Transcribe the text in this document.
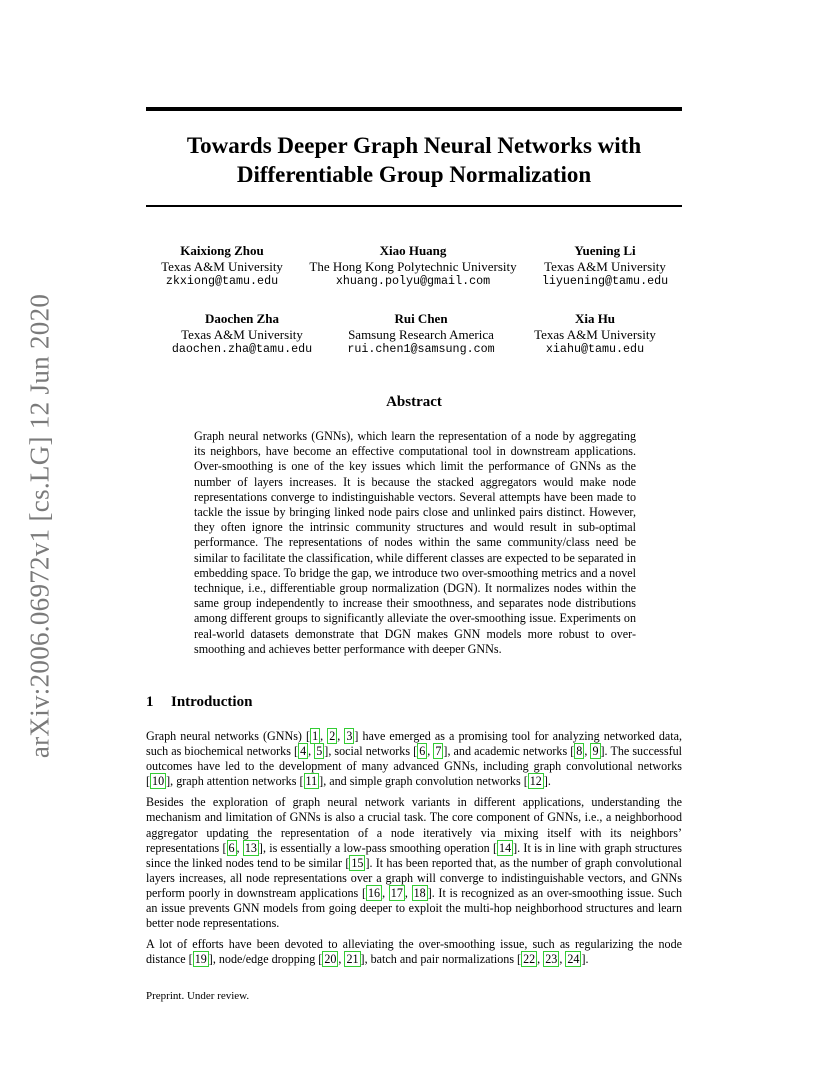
Towards Deeper Graph Neural Networks with
Differentiable Group Normalization
arXiv:2006.06972v1 [cs.LG] 12 Jun 2020
Kaixiong Zhou
Texas A&M University
zkxiong@tamu.edu
Xiao Huang
The Hong Kong Polytechnic University
xhuang.polyu@gmail.com
Yuening Li
Texas A&M University
liyuening@tamu.edu
Daochen Zha
Texas A&M University
daochen.zha@tamu.edu
Rui Chen
Samsung Research America
rui.chen1@samsung.com
Xia Hu
Texas A&M University
xiahu@tamu.edu
Abstract
Graph neural networks (GNNs), which learn the representation of a node by aggregating its neighbors, have become an effective computational tool in downstream applications. Over-smoothing is one of the key issues which limit the performance of GNNs as the number of layers increases. It is because the stacked aggregators would make node representations converge to indistinguishable vectors. Several attempts have been made to tackle the issue by bringing linked node pairs close and unlinked pairs distinct. However, they often ignore the intrinsic community structures and would result in sub-optimal performance. The representations of nodes within the same community/class need be similar to facilitate the classification, while different classes are expected to be separated in embedding space. To bridge the gap, we introduce two over-smoothing metrics and a novel technique, i.e., differentiable group normalization (DGN). It normalizes nodes within the same group independently to increase their smoothness, and separates node distributions among different groups to significantly alleviate the over-smoothing issue. Experiments on real-world datasets demonstrate that DGN makes GNN models more robust to over-smoothing and achieves better performance with deeper GNNs.
1 Introduction

Graph neural networks (GNNs) [ 1 , 2 , 3 ] have emerged as a promising tool for analyzing networked data, such as biochemical networks [ 4 , 5 ], social networks [ 6 , 7 ], and academic networks [ 8 , 9 ]. The successful outcomes have led to the development of many advanced GNNs, including graph convolutional networks [ 10 ], graph attention networks [ 11 ], and simple graph convolution networks [ 12 ].

Besides the exploration of graph neural network variants in different applications, understanding the mechanism and limitation of GNNs is also a crucial task. The core component of GNNs, i.e., a neighborhood aggregator updating the representation of a node iteratively via mixing itself with its neighbors’ representations [ 6 , 13 ], is essentially a low-pass smoothing operation [ 14 ]. It is in line with graph structures since the linked nodes tend to be similar [ 15 ]. It has been reported that, as the number of graph convolutional layers increases, all node representations over a graph will converge to indistinguishable vectors, and GNNs perform poorly in downstream applications [ 16 , 17 , 18 ]. It is recognized as an over-smoothing issue. Such an issue prevents GNN models from going deeper to exploit the multi-hop neighborhood structures and learn better node representations.

A lot of efforts have been devoted to alleviating the over-smoothing issue, such as regularizing the node distance [ 19 ], node/edge dropping [ 20 , 21 ], batch and pair normalizations [ 22 , 23 , 24 ].

Preprint. Under review.
